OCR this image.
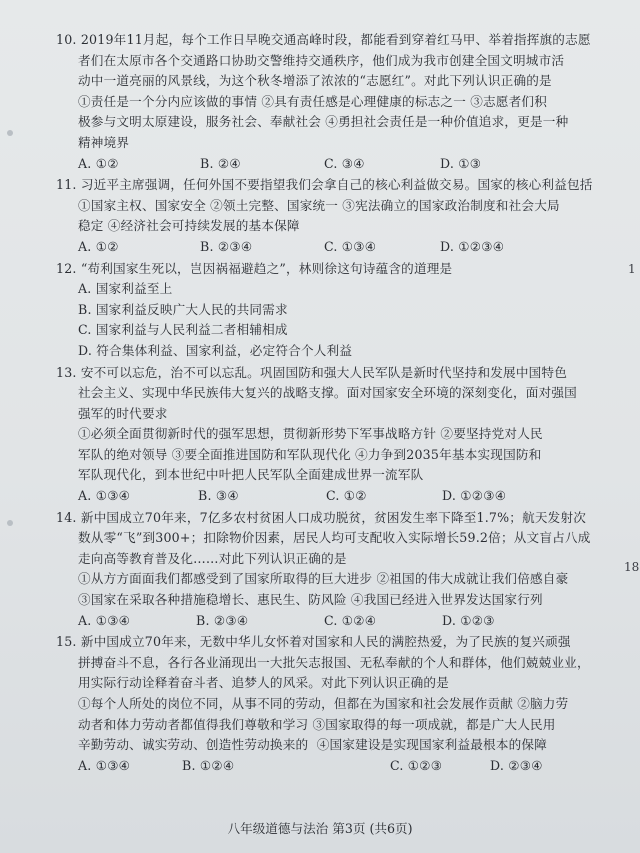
1
18
10. 2019年11月起，每个工作日早晚交通高峰时段，都能看到穿着红马甲、举着指挥旗的志愿
者们在太原市各个交通路口协助交警维持交通秩序，他们成为我市创建全国文明城市活
动中一道亮丽的风景线，为这个秋冬增添了浓浓的“志愿红”。对此下列认识正确的是
①责任是一个分内应该做的事情 ②具有责任感是心理健康的标志之一 ③志愿者们积
极参与文明太原建设，服务社会、奉献社会 ④勇担社会责任是一种价值追求，更是一种
精神境界
A. ①②	B. ②④	C. ③④	D. ①③
11. 习近平主席强调，任何外国不要指望我们会拿自己的核心利益做交易。国家的核心利益包括
①国家主权、国家安全 ②领土完整、国家统一 ③宪法确立的国家政治制度和社会大局
稳定 ④经济社会可持续发展的基本保障
A. ①②	B. ②③④	C. ①③④	D. ①②③④
12. “苟利国家生死以，岂因祸福避趋之”，林则徐这句诗蕴含的道理是
A. 国家利益至上
B. 国家利益反映广大人民的共同需求
C. 国家利益与人民利益二者相辅相成
D. 符合集体利益、国家利益，必定符合个人利益
13. 安不可以忘危，治不可以忘乱。巩固国防和强大人民军队是新时代坚持和发展中国特色
社会主义、实现中华民族伟大复兴的战略支撑。面对国家安全环境的深刻变化，面对强国
强军的时代要求
①必须全面贯彻新时代的强军思想，贯彻新形势下军事战略方针 ②要坚持党对人民
军队的绝对领导 ③要全面推进国防和军队现代化 ④力争到2035年基本实现国防和
军队现代化，到本世纪中叶把人民军队全面建成世界一流军队
A. ①③④	B. ③④	C. ①②	D. ①②③④
14. 新中国成立70年来，7亿多农村贫困人口成功脱贫，贫困发生率下降至1.7%；航天发射次
数从零“飞”到300+；扣除物价因素，居民人均可支配收入实际增长59.2倍；从文盲占八成
走向高等教育普及化……对此下列认识正确的是
①从方方面面我们都感受到了国家所取得的巨大进步 ②祖国的伟大成就让我们倍感自豪
③国家在采取各种措施稳增长、惠民生、防风险 ④我国已经进入世界发达国家行列
A. ①③④	B. ②③④	C. ①②④	D. ①②③
15. 新中国成立70年来，无数中华儿女怀着对国家和人民的满腔热爱，为了民族的复兴顽强
拼搏奋斗不息，各行各业涌现出一大批矢志报国、无私奉献的个人和群体，他们兢兢业业，
用实际行动诠释着奋斗者、追梦人的风采。对此下列认识正确的是
①每个人所处的岗位不同，从事不同的劳动，但都在为国家和社会发展作贡献 ②脑力劳
动者和体力劳动者都值得我们尊敬和学习 ③国家取得的每一项成就，都是广大人民用
辛勤劳动、诚实劳动、创造性劳动换来的 ④国家建设是实现国家利益最根本的保障
A. ①③④	B. ①②④	C. ①②③	D. ②③④
八年级道德与法治 第3页 (共6页)
